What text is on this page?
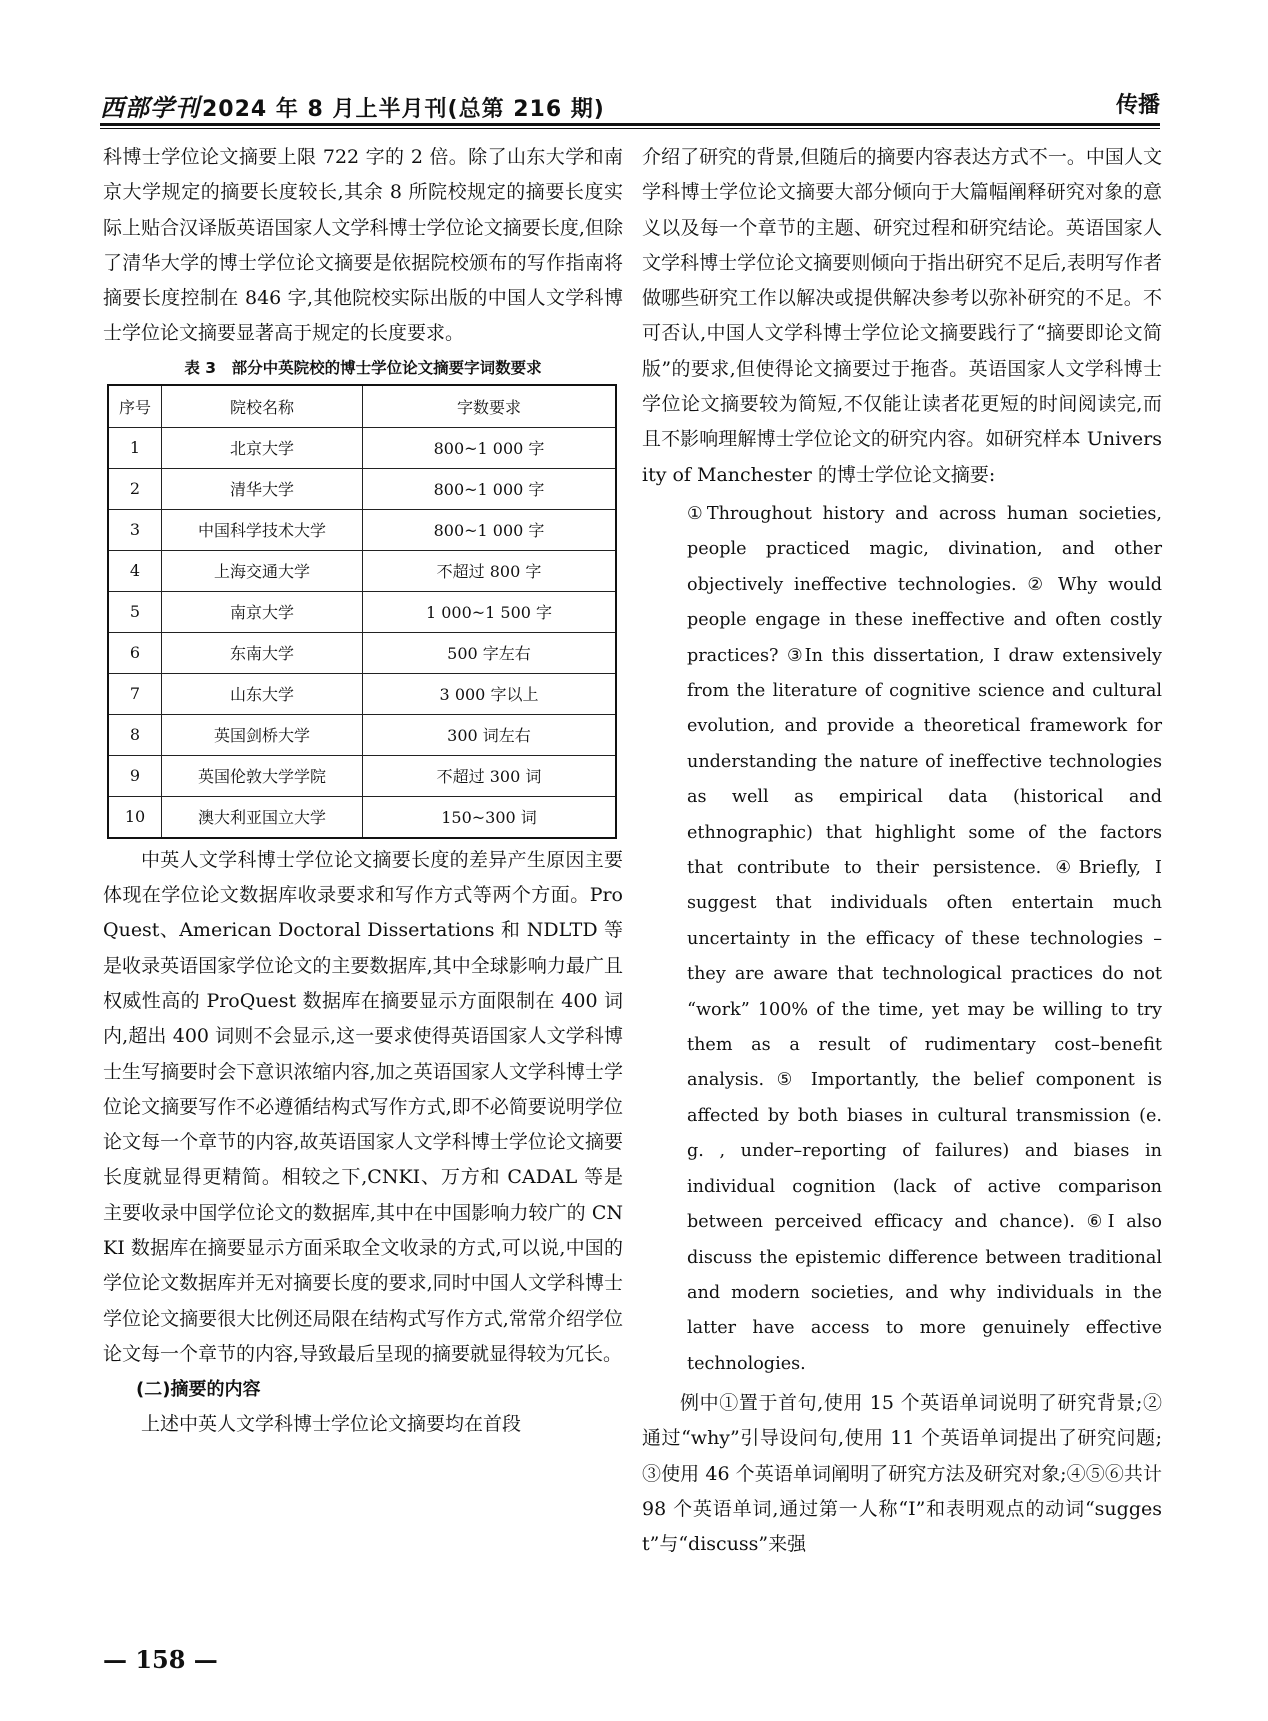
西部学刊2024 年 8 月上半月刊(总第 216 期)	传播

科博士学位论文摘要上限 722 字的 2 倍。除了山东大学和南京大学规定的摘要长度较长,其余 8 所院校规定的摘要长度实际上贴合汉译版英语国家人文学科博士学位论文摘要长度,但除了清华大学的博士学位论文摘要是依据院校颁布的写作指南将摘要长度控制在 846 字,其他院校实际出版的中国人文学科博士学位论文摘要显著高于规定的长度要求。

表 3　部分中英院校的博士学位论文摘要字词数要求
序号	院校名称	字数要求
1	北京大学	800~1 000 字
2	清华大学	800~1 000 字
3	中国科学技术大学	800~1 000 字
4	上海交通大学	不超过 800 字
5	南京大学	1 000~1 500 字
6	东南大学	500 字左右
7	山东大学	3 000 字以上
8	英国剑桥大学	300 词左右
9	英国伦敦大学学院	不超过 300 词
10	澳大利亚国立大学	150~300 词

中英人文学科博士学位论文摘要长度的差异产生原因主要体现在学位论文数据库收录要求和写作方式等两个方面。ProQuest、American Doctoral Dissertations 和 NDLTD 等是收录英语国家学位论文的主要数据库,其中全球影响力最广且权威性高的 ProQuest 数据库在摘要显示方面限制在 400 词内,超出 400 词则不会显示,这一要求使得英语国家人文学科博士生写摘要时会下意识浓缩内容,加之英语国家人文学科博士学位论文摘要写作不必遵循结构式写作方式,即不必简要说明学位论文每一个章节的内容,故英语国家人文学科博士学位论文摘要长度就显得更精简。相较之下,CNKI、万方和 CADAL 等是主要收录中国学位论文的数据库,其中在中国影响力较广的 CNKI 数据库在摘要显示方面采取全文收录的方式,可以说,中国的学位论文数据库并无对摘要长度的要求,同时中国人文学科博士学位论文摘要很大比例还局限在结构式写作方式,常常介绍学位论文每一个章节的内容,导致最后呈现的摘要就显得较为冗长。

(二)摘要的内容

上述中英人文学科博士学位论文摘要均在首段

介绍了研究的背景,但随后的摘要内容表达方式不一。中国人文学科博士学位论文摘要大部分倾向于大篇幅阐释研究对象的意义以及每一个章节的主题、研究过程和研究结论。英语国家人文学科博士学位论文摘要则倾向于指出研究不足后,表明写作者做哪些研究工作以解决或提供解决参考以弥补研究的不足。不可否认,中国人文学科博士学位论文摘要践行了“摘要即论文简版”的要求,但使得论文摘要过于拖沓。英语国家人文学科博士学位论文摘要较为简短,不仅能让读者花更短的时间阅读完,而且不影响理解博士学位论文的研究内容。如研究样本 University of Manchester 的博士学位论文摘要:

①Throughout history and across human societies, people practiced magic, divination, and other objectively ineffective technologies. ② Why would people engage in these ineffective and often costly practices? ③In this dissertation, I draw extensively from the literature of cognitive science and cultural evolution, and provide a theoretical framework for understanding the nature of ineffective technologies as well as empirical data (historical and ethnographic) that highlight some of the factors that contribute to their persistence. ④Briefly, I suggest that individuals often entertain much uncertainty in the efficacy of these technologies – they are aware that technological practices do not “work” 100% of the time, yet may be willing to try them as a result of rudimentary cost–benefit analysis. ⑤ Importantly, the belief component is affected by both biases in cultural transmission (e. g. , under–reporting of failures) and biases in individual cognition (lack of active comparison between perceived efficacy and chance). ⑥I also discuss the epistemic difference between traditional and modern societies, and why individuals in the latter have access to more genuinely effective technologies.

例中①置于首句,使用 15 个英语单词说明了研究背景;②通过“why”引导设问句,使用 11 个英语单词提出了研究问题;③使用 46 个英语单词阐明了研究方法及研究对象;④⑤⑥共计 98 个英语单词,通过第一人称“I”和表明观点的动词“suggest”与“discuss”来强

— 158 —
